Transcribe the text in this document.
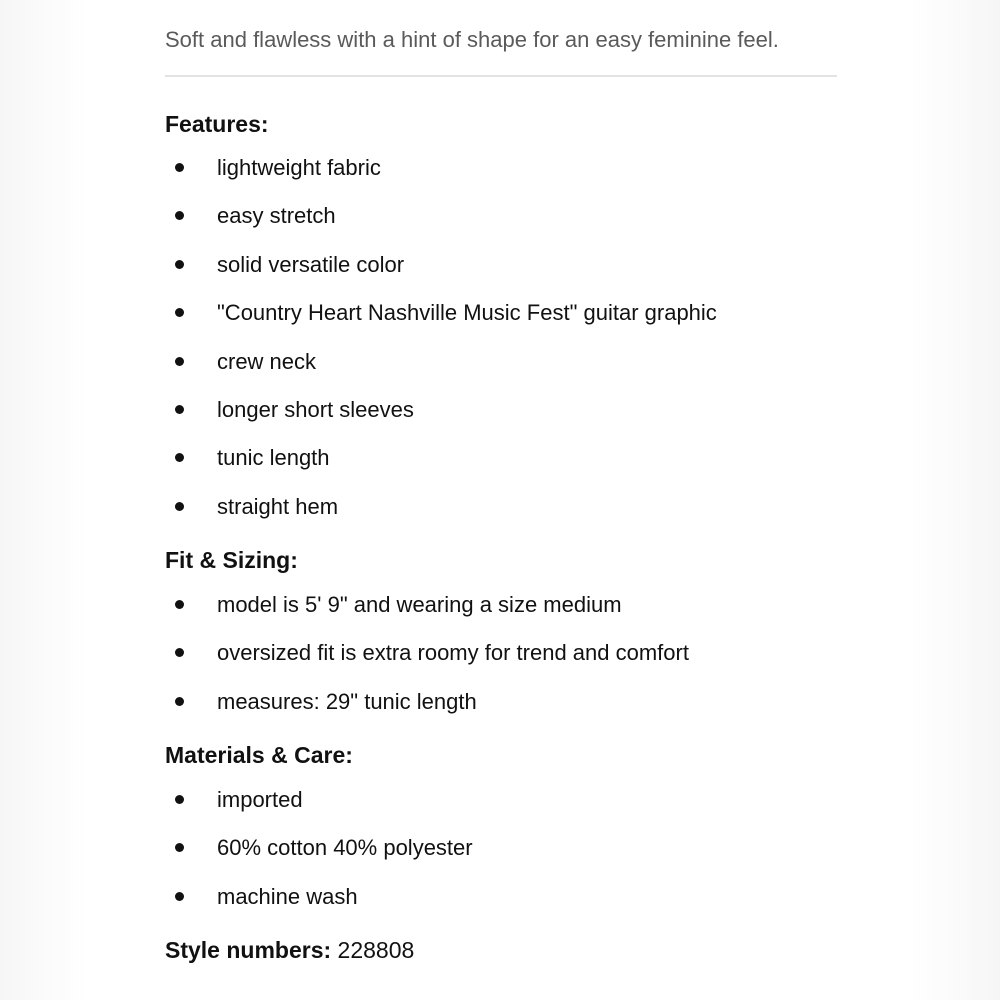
Soft and flawless with a hint of shape for an easy feminine feel.
Features:
lightweight fabric
easy stretch
solid versatile color
"Country Heart Nashville Music Fest" guitar graphic
crew neck
longer short sleeves
tunic length
straight hem
Fit & Sizing:
model is 5' 9" and wearing a size medium
oversized fit is extra roomy for trend and comfort
measures: 29" tunic length
Materials & Care:
imported
60% cotton 40% polyester
machine wash
Style numbers: 228808
